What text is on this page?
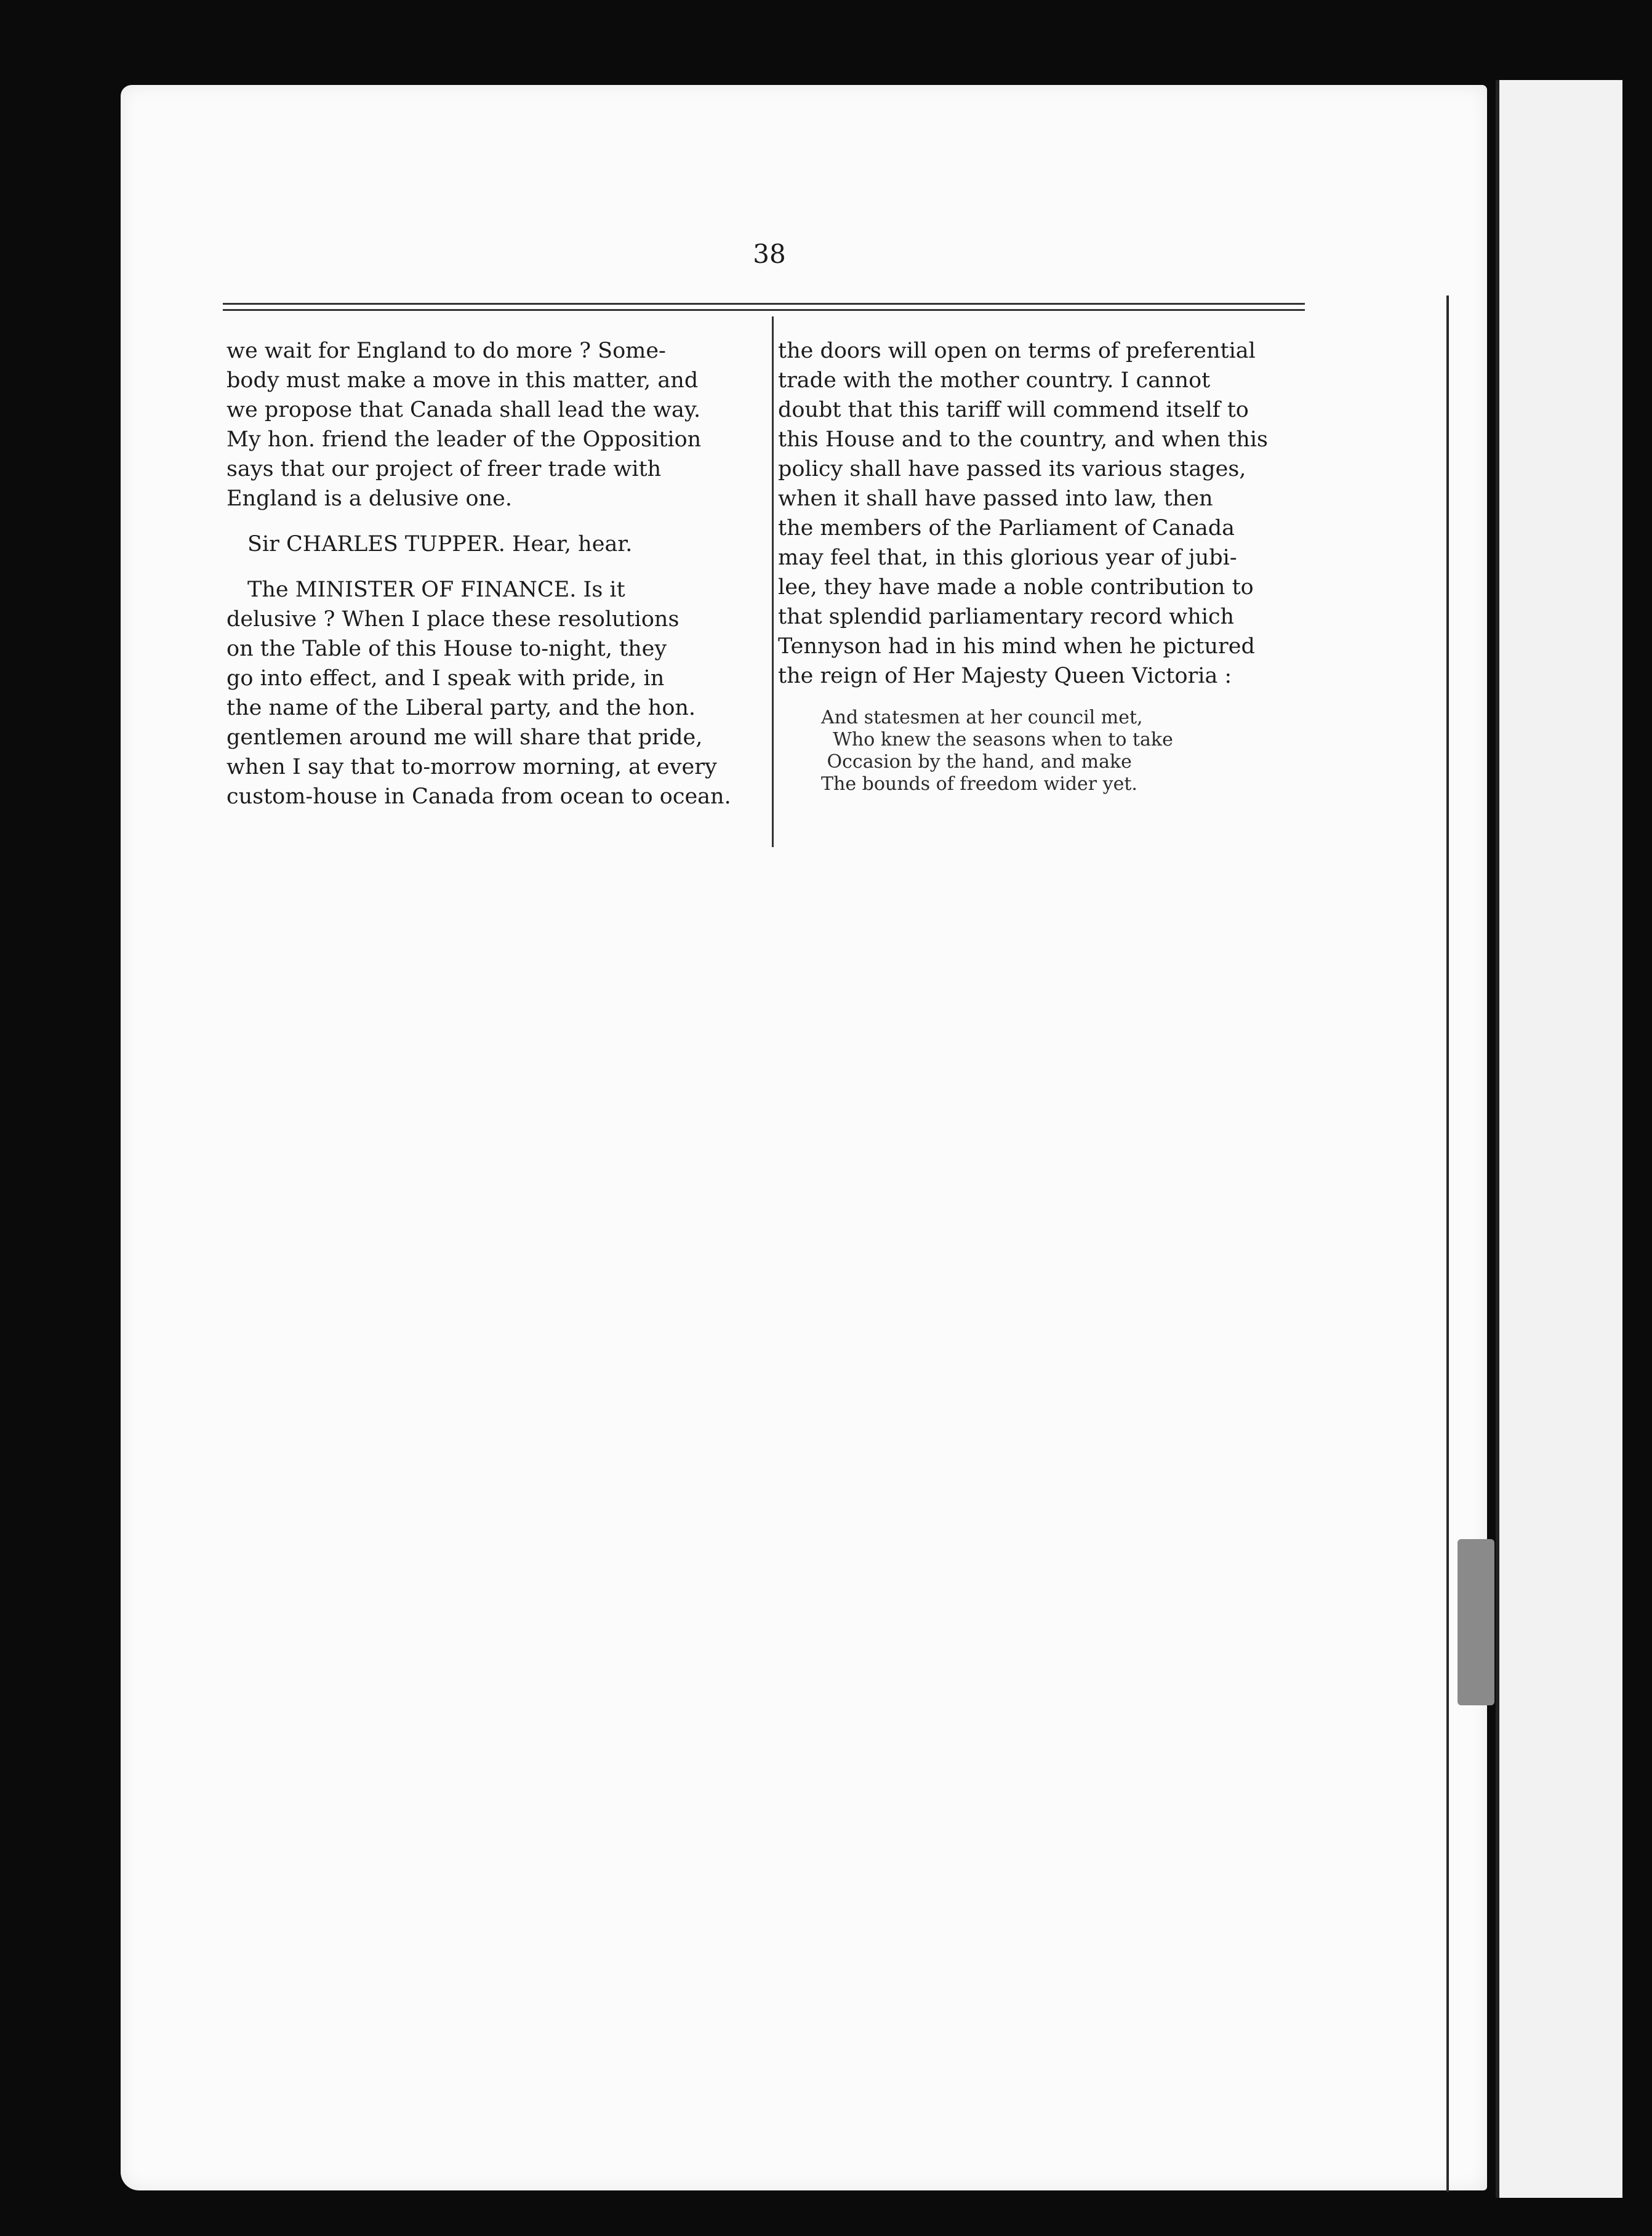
38

we wait for England to do more ? Some-
body must make a move in this matter, and
we propose that Canada shall lead the way.
My hon. friend the leader of the Opposition
says that our project of freer trade with
England is a delusive one.

Sir CHARLES TUPPER. Hear, hear.

The MINISTER OF FINANCE. Is it
delusive ? When I place these resolutions
on the Table of this House to-night, they
go into effect, and I speak with pride, in
the name of the Liberal party, and the hon.
gentlemen around me will share that pride,
when I say that to-morrow morning, at every
custom-house in Canada from ocean to ocean.

the doors will open on terms of preferential
trade with the mother country. I cannot
doubt that this tariff will commend itself to
this House and to the country, and when this
policy shall have passed its various stages,
when it shall have passed into law, then
the members of the Parliament of Canada
may feel that, in this glorious year of jubi-
lee, they have made a noble contribution to
that splendid parliamentary record which
Tennyson had in his mind when he pictured
the reign of Her Majesty Queen Victoria :

And statesmen at her council met,
Who knew the seasons when to take
Occasion by the hand, and make
The bounds of freedom wider yet.
